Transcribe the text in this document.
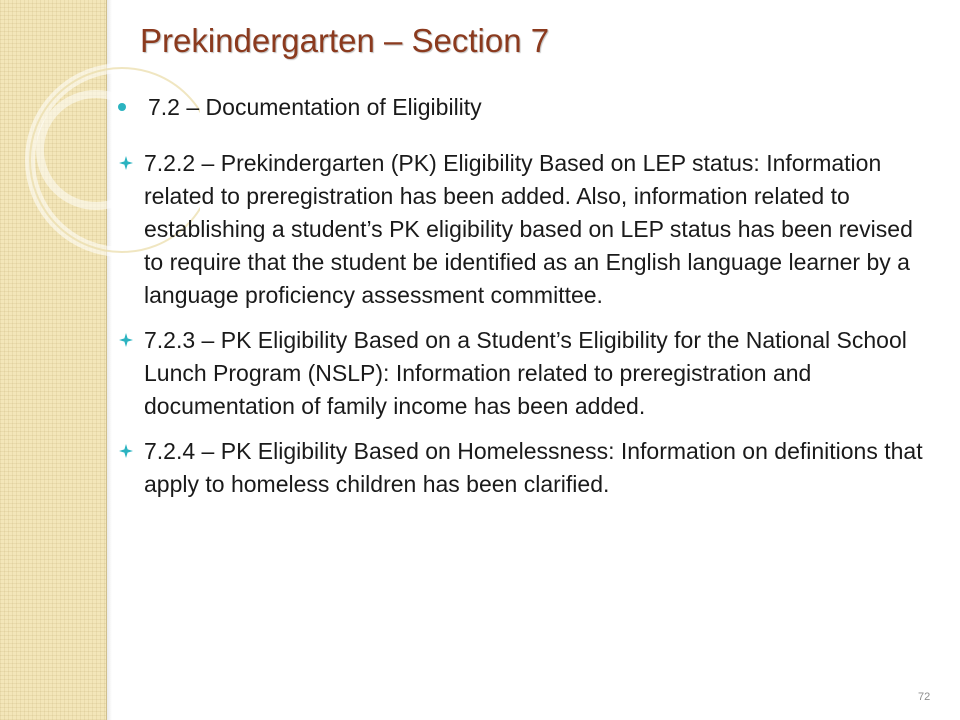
Prekindergarten – Section 7
7.2 – Documentation of Eligibility
7.2.2 – Prekindergarten (PK) Eligibility Based on LEP status: Information related to preregistration has been added. Also, information related to establishing a student’s PK eligibility based on LEP status has been revised to require that the student be identified as an English language learner by a language proficiency assessment committee.
7.2.3 – PK Eligibility Based on a Student’s Eligibility for the National School Lunch Program (NSLP): Information related to preregistration and documentation of family income has been added.
7.2.4 – PK Eligibility Based on Homelessness: Information on definitions that apply to homeless children has been clarified.
72
